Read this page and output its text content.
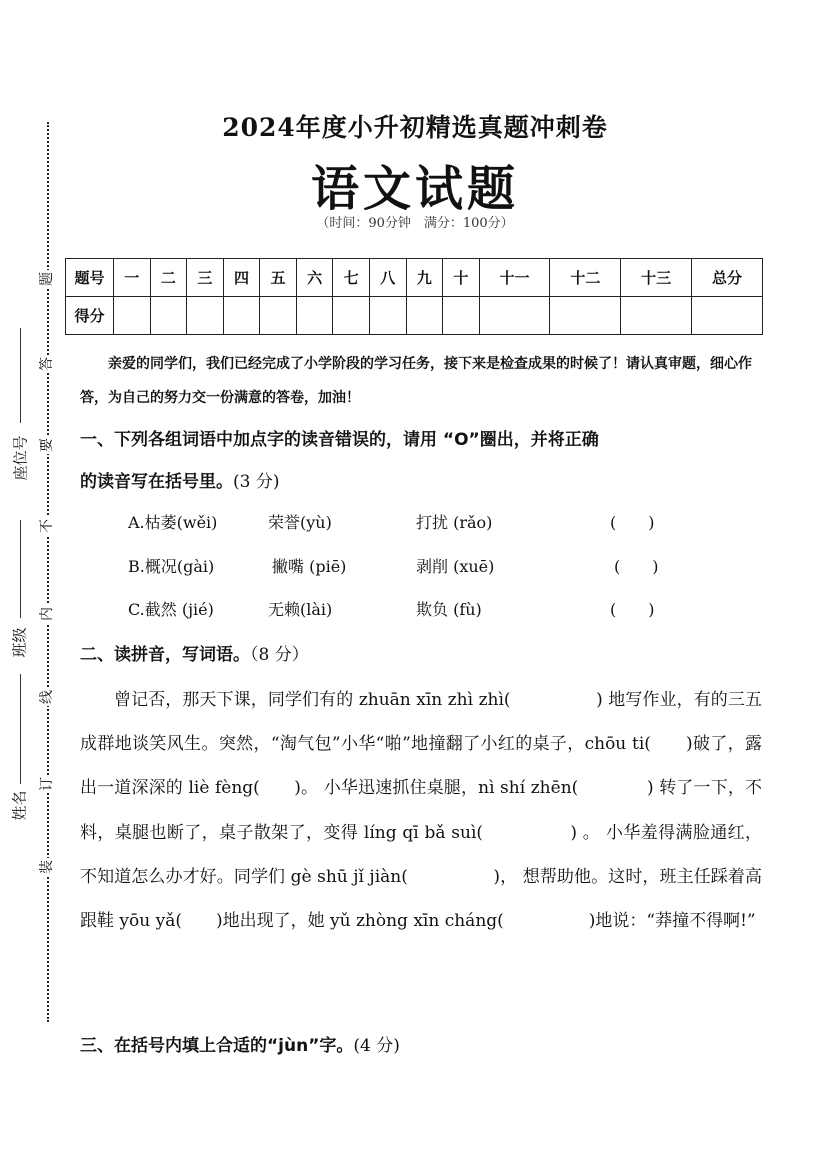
题
答
要
不
内
线
订
装
座位号
班级
姓名
2024年度小升初精选真题冲刺卷
语文试题
（时间：90分钟　满分：100分）
题号	一	二	三	四	五	六	七	八	九	十	十一	十二	十三	总分
得分														
亲爱的同学们，我们已经完成了小学阶段的学习任务，接下来是检查成果的时候了！请认真审题，细心作答，为自己的努力交一份满意的答卷，加油！
一、下列各组词语中加点字的读音错误的，请用 “O”圈出，并将正确
的读音写在括号里。(3 分)
A.枯萎(wěi)	荣誉(yù)	打扰 (rǎo)	(　　)
B.概况(gài)	撇嘴 (piē)	剥削 (xuē)	(　　)
C.截然 (jié)	无赖(lài)	欺负 (fù)	(　　)
二、读拼音，写词语。（8 分）

曾记否，那天下课，同学们有的 zhuān xīn zhì zhì(　　　　　) 地写作业，有的三五成群地谈笑风生。突然，“淘气包”小华“啪”地撞翻了小红的桌子，chōu ti(　　)破了，露出一道深深的 liè fèng(　　)。 小华迅速抓住桌腿，nì shí zhēn(　　　　) 转了一下，不料，桌腿也断了，桌子散架了，变得 líng qī bǎ suì(　　　　　) 。 小华羞得满脸通红，不知道怎么办才好。同学们 gè shū jǐ jiàn(　　　　　)， 想帮助他。这时，班主任踩着高跟鞋 yōu yǎ(　　)地出现了，她 yǔ zhòng xīn cháng(　　　　　)地说：“莽撞不得啊!”

三、在括号内填上合适的“jùn”字。(4 分)
